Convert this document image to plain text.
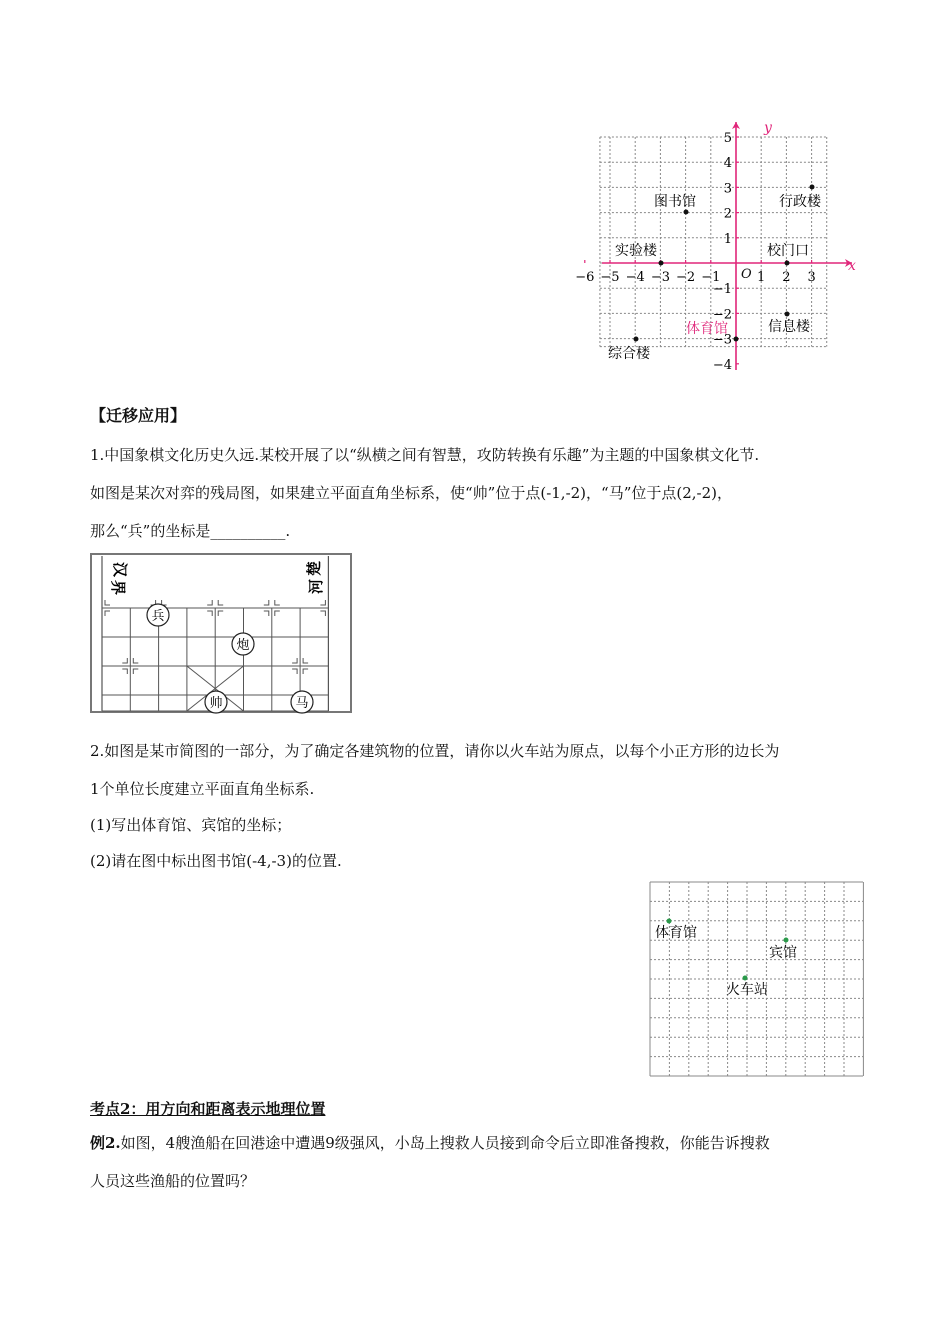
−6 −5 −4 −3 −2 −1	1 2 3
5
4
3
2
1
−1
−2
−3
−4
y
x
O
图书馆	行政楼
实验楼	校门口
体育馆	信息楼
综合楼
【迁移应用】
1.中国象棋文化历史久远.某校开展了以“纵横之间有智慧，攻防转换有乐趣”为主题的中国象棋文化节.
如图是某次对弈的残局图，如果建立平面直角坐标系，使“帅”位于点(-1,-2)，“马”位于点(2,-2)，
那么“兵”的坐标是__________.
汉
界
楚
河
兵
炮
帅	马
2.如图是某市简图的一部分，为了确定各建筑物的位置，请你以火车站为原点，以每个小正方形的边长为
1个单位长度建立平面直角坐标系.
(1)写出体育馆、宾馆的坐标；
(2)请在图中标出图书馆(-4,-3)的位置.
体育馆
宾馆
火车站
考点2：用方向和距离表示地理位置
例2.如图，4艘渔船在回港途中遭遇9级强风，小岛上搜救人员接到命令后立即准备搜救，你能告诉搜救
人员这些渔船的位置吗？
